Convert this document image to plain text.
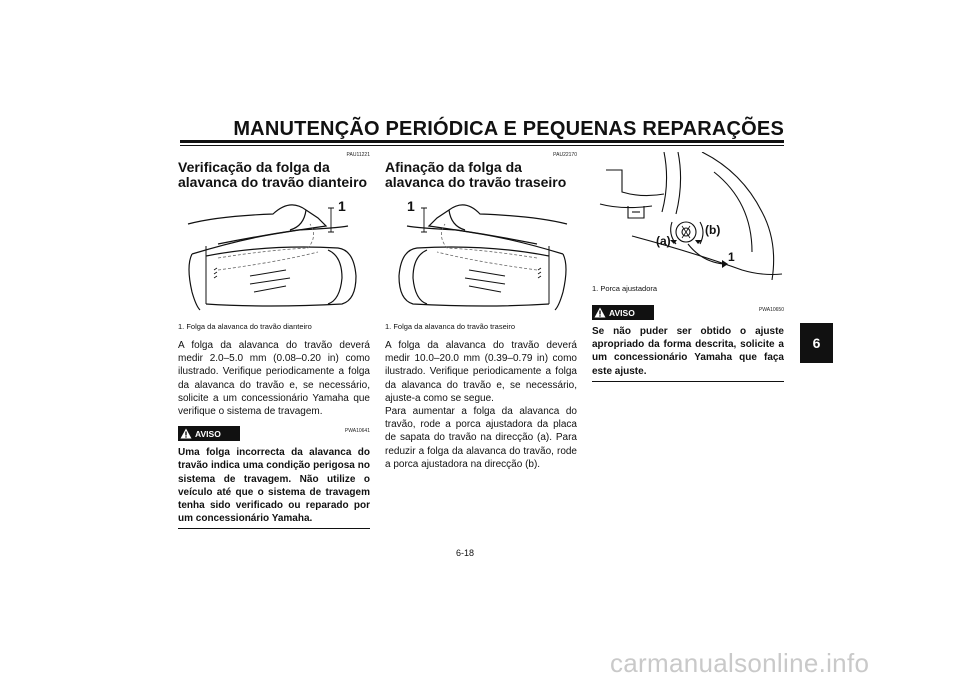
MANUTENÇÃO PERIÓDICA E PEQUENAS REPARAÇÕES
6
PAU11221
Verificação da folga da alavanca do travão dianteiro
1
1. Folga da alavanca do travão dianteiro
A folga da alavanca do travão deverá medir 2.0–5.0 mm (0.08–0.20 in) como ilustrado. Verifique periodicamente a folga da alavanca do travão e, se necessário, solicite a um concessionário Yamaha que verifique o sistema de travagem.
AVISO	PWA10641
Uma folga incorrecta da alavanca do travão indica uma condição perigosa no sistema de travagem. Não utilize o veículo até que o sistema de travagem tenha sido verificado ou reparado por um concessionário Yamaha.
PAU22170
Afinação da folga da alavanca do travão traseiro
1
1. Folga da alavanca do travão traseiro
A folga da alavanca do travão deverá medir 10.0–20.0 mm (0.39–0.79 in) como ilustrado. Verifique periodicamente a folga da alavanca do travão e, se necessário, ajuste-a como se segue.
Para aumentar a folga da alavanca do travão, rode a porca ajustadora da placa de sapata do travão na direcção (a). Para reduzir a folga da alavanca do travão, rode a porca ajustadora na direcção (b).
(a)
(b)
1
1. Porca ajustadora
AVISO	PWA10650
Se não puder ser obtido o ajuste apropriado da forma descrita, solicite a um concessionário Yamaha que faça este ajuste.
6-18
carmanualsonline.info
